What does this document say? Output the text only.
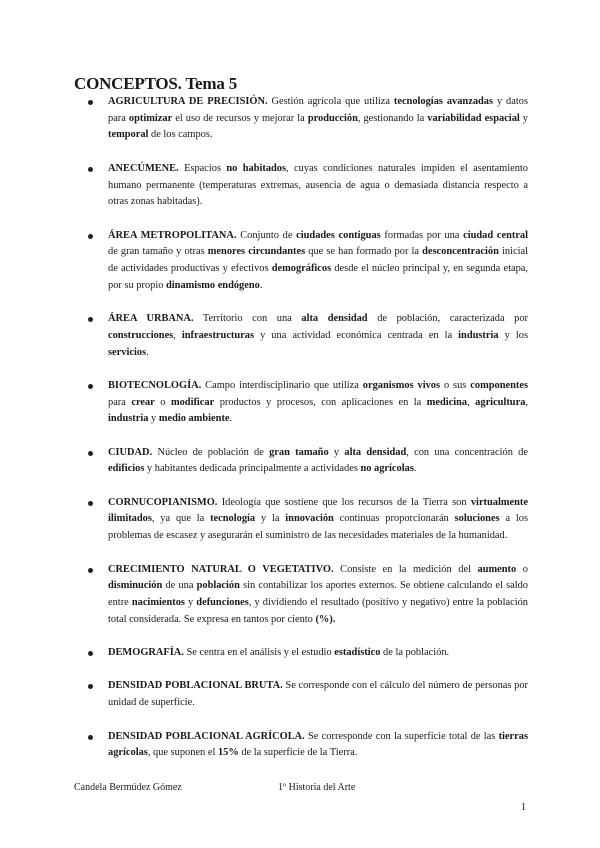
CONCEPTOS. Tema 5
AGRICULTURA DE PRECISIÓN. Gestión agrícola que utiliza tecnologías avanzadas y datos para optimizar el uso de recursos y mejorar la producción, gestionando la variabilidad espacial y temporal de los campos.
ANECÚMENE. Espacios no habitados, cuyas condiciones naturales impiden el asentamiento humano permanente (temperaturas extremas, ausencia de agua o demasiada distancia respecto a otras zonas habitadas).
ÁREA METROPOLITANA. Conjunto de ciudades contiguas formadas por una ciudad central de gran tamaño y otras menores circundantes que se han formado por la desconcentración inicial de actividades productivas y efectivos demográficos desde el núcleo principal y, en segunda etapa, por su propio dinamismo endógeno.
ÁREA URBANA. Territorio con una alta densidad de población, caracterizada por construcciones, infraestructuras y una actividad económica centrada en la industria y los servicios.
BIOTECNOLOGÍA. Campo interdisciplinario que utiliza organismos vivos o sus componentes para crear o modificar productos y procesos, con aplicaciones en la medicina, agricultura, industria y medio ambiente.
CIUDAD. Núcleo de población de gran tamaño y alta densidad, con una concentración de edificios y habitantes dedicada principalmente a actividades no agrícolas.
CORNUCOPIANISMO. Ideología que sostiene que los recursos de la Tierra son virtualmente ilimitados, ya que la tecnología y la innovación continuas proporcionarán soluciones a los problemas de escasez y asegurarán el suministro de las necesidades materiales de la humanidad.
CRECIMIENTO NATURAL O VEGETATIVO. Consiste en la medición del aumento o disminución de una población sin contabilizar los aportes externos. Se obtiene calculando el saldo entre nacimientos y defunciones, y dividiendo el resultado (positivo y negativo) entre la población total considerada. Se expresa en tantos por ciento (%).
DEMOGRAFÍA. Se centra en el análisis y el estudio estadístico de la población.
DENSIDAD POBLACIONAL BRUTA. Se corresponde con el cálculo del número de personas por unidad de superficie.
DENSIDAD POBLACIONAL AGRÍCOLA. Se corresponde con la superficie total de las tierras agrícolas, que suponen el 15% de la superficie de la Tierra.
Candela Bermúdez Gómez	1º Historia del Arte
1
